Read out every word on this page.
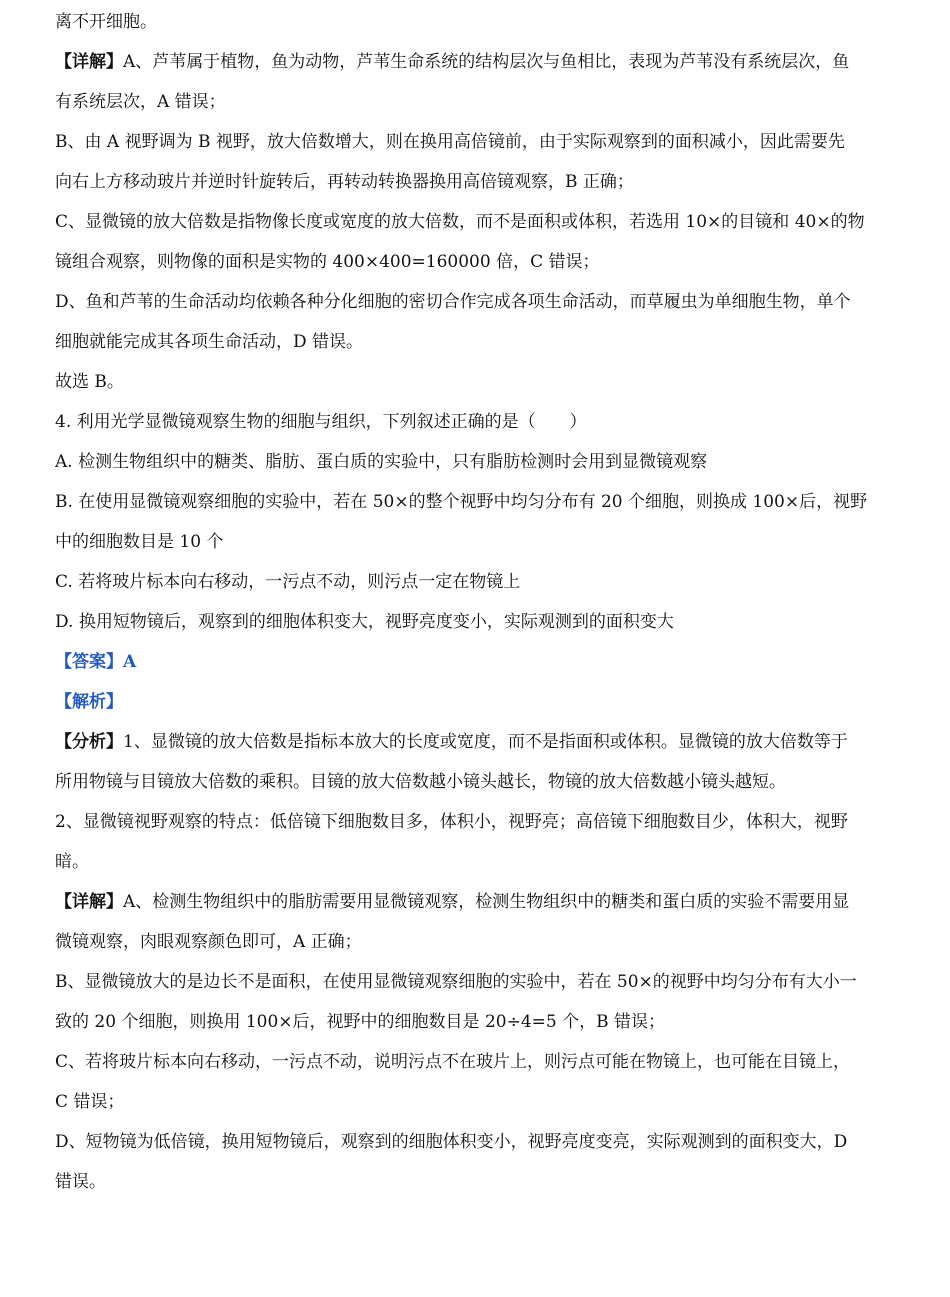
离不开细胞。
【详解】A、芦苇属于植物，鱼为动物，芦苇生命系统的结构层次与鱼相比，表现为芦苇没有系统层次，鱼
有系统层次，A 错误；
B、由 A 视野调为 B 视野，放大倍数增大，则在换用高倍镜前，由于实际观察到的面积减小，因此需要先
向右上方移动玻片并逆时针旋转后，再转动转换器换用高倍镜观察，B 正确；
C、显微镜的放大倍数是指物像长度或宽度的放大倍数，而不是面积或体积，若选用 10×的目镜和 40×的物
镜组合观察，则物像的面积是实物的 400×400=160000 倍，C 错误；
D、鱼和芦苇的生命活动均依赖各种分化细胞的密切合作完成各项生命活动，而草履虫为单细胞生物，单个
细胞就能完成其各项生命活动，D 错误。
故选 B。
4. 利用光学显微镜观察生物的细胞与组织，下列叙述正确的是（　　）
A. 检测生物组织中的糖类、脂肪、蛋白质的实验中，只有脂肪检测时会用到显微镜观察
B. 在使用显微镜观察细胞的实验中，若在 50×的整个视野中均匀分布有 20 个细胞，则换成 100×后，视野
中的细胞数目是 10 个
C. 若将玻片标本向右移动，一污点不动，则污点一定在物镜上
D. 换用短物镜后，观察到的细胞体积变大，视野亮度变小，实际观测到的面积变大
【答案】A
【解析】
【分析】1、显微镜的放大倍数是指标本放大的长度或宽度，而不是指面积或体积。显微镜的放大倍数等于
所用物镜与目镜放大倍数的乘积。目镜的放大倍数越小镜头越长，物镜的放大倍数越小镜头越短。
2、显微镜视野观察的特点：低倍镜下细胞数目多，体积小，视野亮；高倍镜下细胞数目少，体积大，视野
暗。
【详解】A、检测生物组织中的脂肪需要用显微镜观察，检测生物组织中的糖类和蛋白质的实验不需要用显
微镜观察，肉眼观察颜色即可，A 正确；
B、显微镜放大的是边长不是面积，在使用显微镜观察细胞的实验中，若在 50×的视野中均匀分布有大小一
致的 20 个细胞，则换用 100×后，视野中的细胞数目是 20÷4=5 个，B 错误；
C、若将玻片标本向右移动，一污点不动，说明污点不在玻片上，则污点可能在物镜上，也可能在目镜上，
C 错误；
D、短物镜为低倍镜，换用短物镜后，观察到的细胞体积变小，视野亮度变亮，实际观测到的面积变大，D
错误。
